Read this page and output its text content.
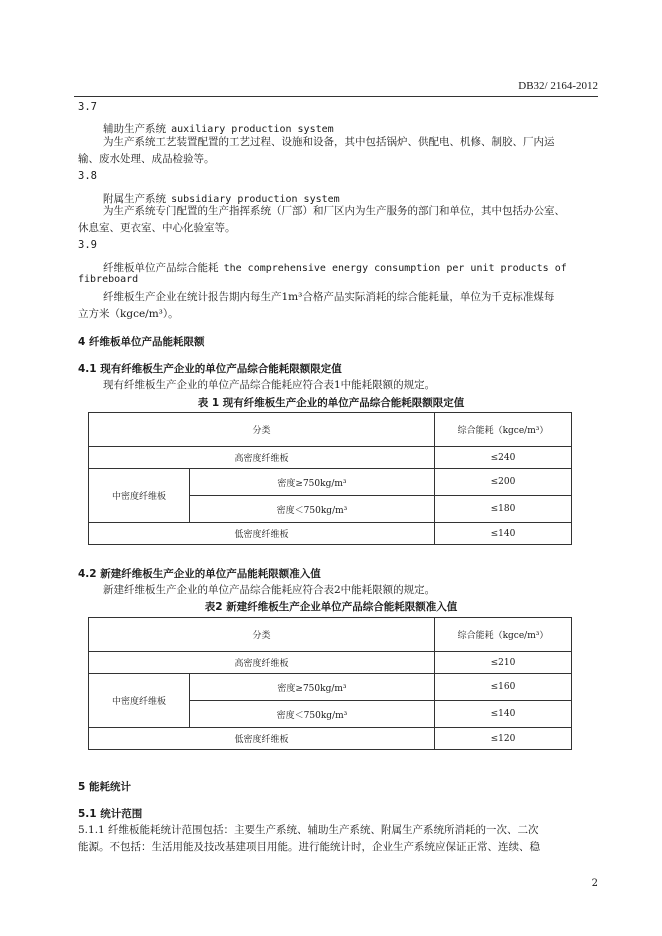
DB32/ 2164-2012
3.7
辅助生产系统 auxiliary production system
为生产系统工艺装置配置的工艺过程、设施和设备，其中包括锅炉、供配电、机修、制胶、厂内运
输、废水处理、成品检验等。
3.8
附属生产系统 subsidiary production system
为生产系统专门配置的生产指挥系统（厂部）和厂区内为生产服务的部门和单位，其中包括办公室、
休息室、更衣室、中心化验室等。
3.9
纤维板单位产品综合能耗 the comprehensive energy consumption per unit products of
fibreboard
纤维板生产企业在统计报告期内每生产1m³合格产品实际消耗的综合能耗量，单位为千克标准煤每
立方米（kgce/m³）。
4 纤维板单位产品能耗限额
4.1 现有纤维板生产企业的单位产品综合能耗限额限定值
现有纤维板生产企业的单位产品综合能耗应符合表1中能耗限额的规定。
表 1 现有纤维板生产企业的单位产品综合能耗限额限定值
分类		综合能耗（kgce/m³）
高密度纤维板		≤240
中密度纤维板	密度≥750kg/m³	≤200
	密度＜750kg/m³	≤180
低密度纤维板		≤140
4.2 新建纤维板生产企业的单位产品能耗限额准入值
新建纤维板生产企业的单位产品综合能耗应符合表2中能耗限额的规定。
表2 新建纤维板生产企业单位产品综合能耗限额准入值
分类		综合能耗（kgce/m³）
高密度纤维板		≤210
中密度纤维板	密度≥750kg/m³	≤160
	密度＜750kg/m³	≤140
低密度纤维板		≤120
5 能耗统计
5.1 统计范围
5.1.1 纤维板能耗统计范围包括：主要生产系统、辅助生产系统、附属生产系统所消耗的一次、二次
能源。不包括：生活用能及技改基建项目用能。进行能统计时，企业生产系统应保证正常、连续、稳
2
